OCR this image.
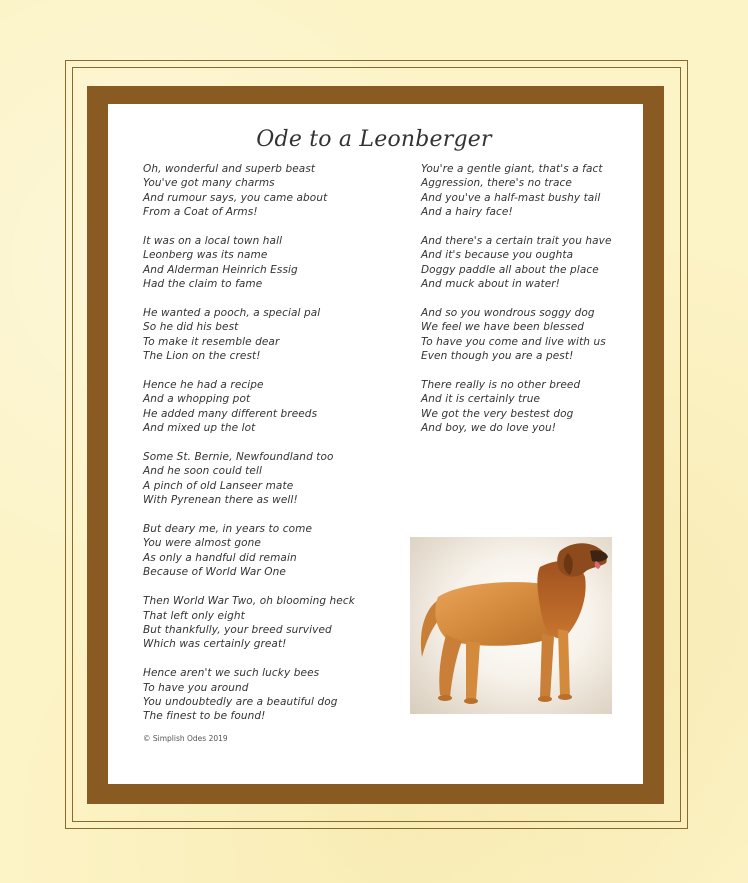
Ode to a Leonberger
Oh, wonderful and superb beast
You've got many charms
And rumour says, you came about
From a Coat of Arms!
It was on a local town hall
Leonberg was its name
And Alderman Heinrich Essig
Had the claim to fame
He wanted a pooch, a special pal
So he did his best
To make it resemble dear
The Lion on the crest!
Hence he had a recipe
And a whopping pot
He added many different breeds
And mixed up the lot
Some St. Bernie, Newfoundland too
And he soon could tell
A pinch of old Lanseer mate
With Pyrenean there as well!
But deary me, in years to come
You were almost gone
As only a handful did remain
Because of World War One
Then World War Two, oh blooming heck
That left only eight
But thankfully, your breed survived
Which was certainly great!
Hence aren't we such lucky bees
To have you around
You undoubtedly are a beautiful dog
The finest to be found!
You're a gentle giant, that's a fact
Aggression, there's no trace
And you've a half-mast bushy tail
And a hairy face!
And there's a certain trait you have
And it's because you oughta
Doggy paddle all about the place
And muck about in water!
And so you wondrous soggy dog
We feel we have been blessed
To have you come and live with us
Even though you are a pest!
There really is no other breed
And it is certainly true
We got the very bestest dog
And boy, we do love you!
© Simplish Odes 2019
